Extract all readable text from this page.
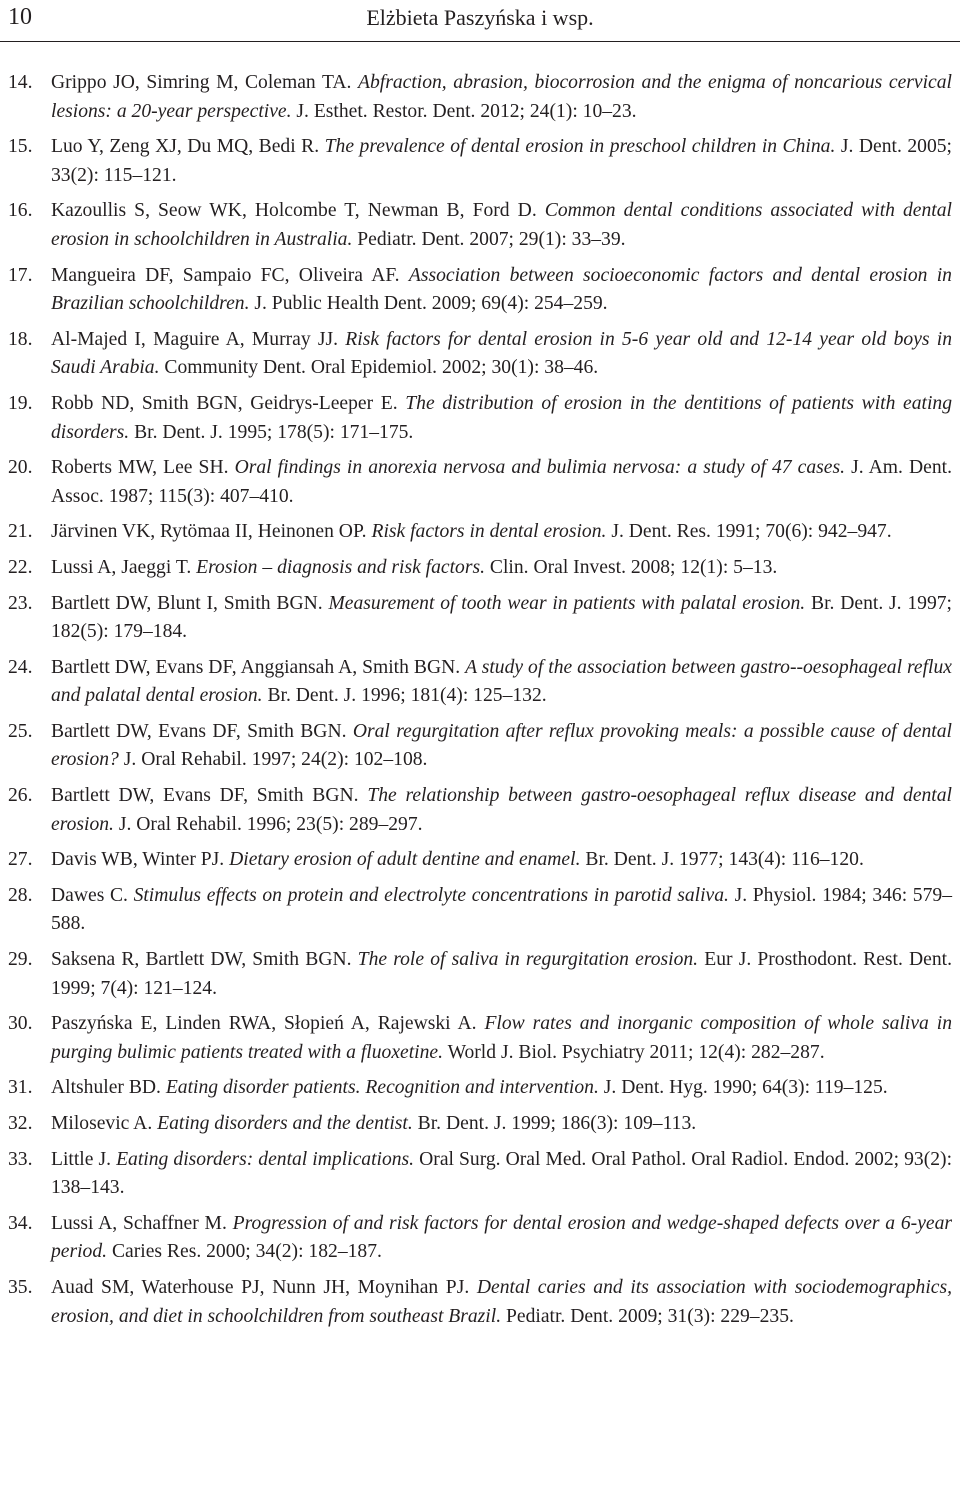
10	Elżbieta Paszyńska i wsp.
14. Grippo JO, Simring M, Coleman TA. Abfraction, abrasion, biocorrosion and the enigma of noncarious cervical lesions: a 20-year perspective. J. Esthet. Restor. Dent. 2012; 24(1): 10–23.
15. Luo Y, Zeng XJ, Du MQ, Bedi R. The prevalence of dental erosion in preschool children in China. J. Dent. 2005; 33(2): 115–121.
16. Kazoullis S, Seow WK, Holcombe T, Newman B, Ford D. Common dental conditions associated with dental erosion in schoolchildren in Australia. Pediatr. Dent. 2007; 29(1): 33–39.
17. Mangueira DF, Sampaio FC, Oliveira AF. Association between socioeconomic factors and dental erosion in Brazilian schoolchildren. J. Public Health Dent. 2009; 69(4): 254–259.
18. Al-Majed I, Maguire A, Murray JJ. Risk factors for dental erosion in 5-6 year old and 12-14 year old boys in Saudi Arabia. Community Dent. Oral Epidemiol. 2002; 30(1): 38–46.
19. Robb ND, Smith BGN, Geidrys-Leeper E. The distribution of erosion in the dentitions of patients with eating disorders. Br. Dent. J. 1995; 178(5): 171–175.
20. Roberts MW, Lee SH. Oral findings in anorexia nervosa and bulimia nervosa: a study of 47 cases. J. Am. Dent. Assoc. 1987; 115(3): 407–410.
21. Järvinen VK, Rytömaa II, Heinonen OP. Risk factors in dental erosion. J. Dent. Res. 1991; 70(6): 942–947.
22. Lussi A, Jaeggi T. Erosion – diagnosis and risk factors. Clin. Oral Invest. 2008; 12(1): 5–13.
23. Bartlett DW, Blunt I, Smith BGN. Measurement of tooth wear in patients with palatal erosion. Br. Dent. J. 1997; 182(5): 179–184.
24. Bartlett DW, Evans DF, Anggiansah A, Smith BGN. A study of the association between gastro--oesophageal reflux and palatal dental erosion. Br. Dent. J. 1996; 181(4): 125–132.
25. Bartlett DW, Evans DF, Smith BGN. Oral regurgitation after reflux provoking meals: a possible cause of dental erosion? J. Oral Rehabil. 1997; 24(2): 102–108.
26. Bartlett DW, Evans DF, Smith BGN. The relationship between gastro-oesophageal reflux disease and dental erosion. J. Oral Rehabil. 1996; 23(5): 289–297.
27. Davis WB, Winter PJ. Dietary erosion of adult dentine and enamel. Br. Dent. J. 1977; 143(4): 116–120.
28. Dawes C. Stimulus effects on protein and electrolyte concentrations in parotid saliva. J. Physiol. 1984; 346: 579–588.
29. Saksena R, Bartlett DW, Smith BGN. The role of saliva in regurgitation erosion. Eur J. Prosthodont. Rest. Dent. 1999; 7(4): 121–124.
30. Paszyńska E, Linden RWA, Słopień A, Rajewski A. Flow rates and inorganic composition of whole saliva in purging bulimic patients treated with a fluoxetine. World J. Biol. Psychiatry 2011; 12(4): 282–287.
31. Altshuler BD. Eating disorder patients. Recognition and intervention. J. Dent. Hyg. 1990; 64(3): 119–125.
32. Milosevic A. Eating disorders and the dentist. Br. Dent. J. 1999; 186(3): 109–113.
33. Little J. Eating disorders: dental implications. Oral Surg. Oral Med. Oral Pathol. Oral Radiol. Endod. 2002; 93(2): 138–143.
34. Lussi A, Schaffner M. Progression of and risk factors for dental erosion and wedge-shaped defects over a 6-year period. Caries Res. 2000; 34(2): 182–187.
35. Auad SM, Waterhouse PJ, Nunn JH, Moynihan PJ. Dental caries and its association with sociodemographics, erosion, and diet in schoolchildren from southeast Brazil. Pediatr. Dent. 2009; 31(3): 229–235.
